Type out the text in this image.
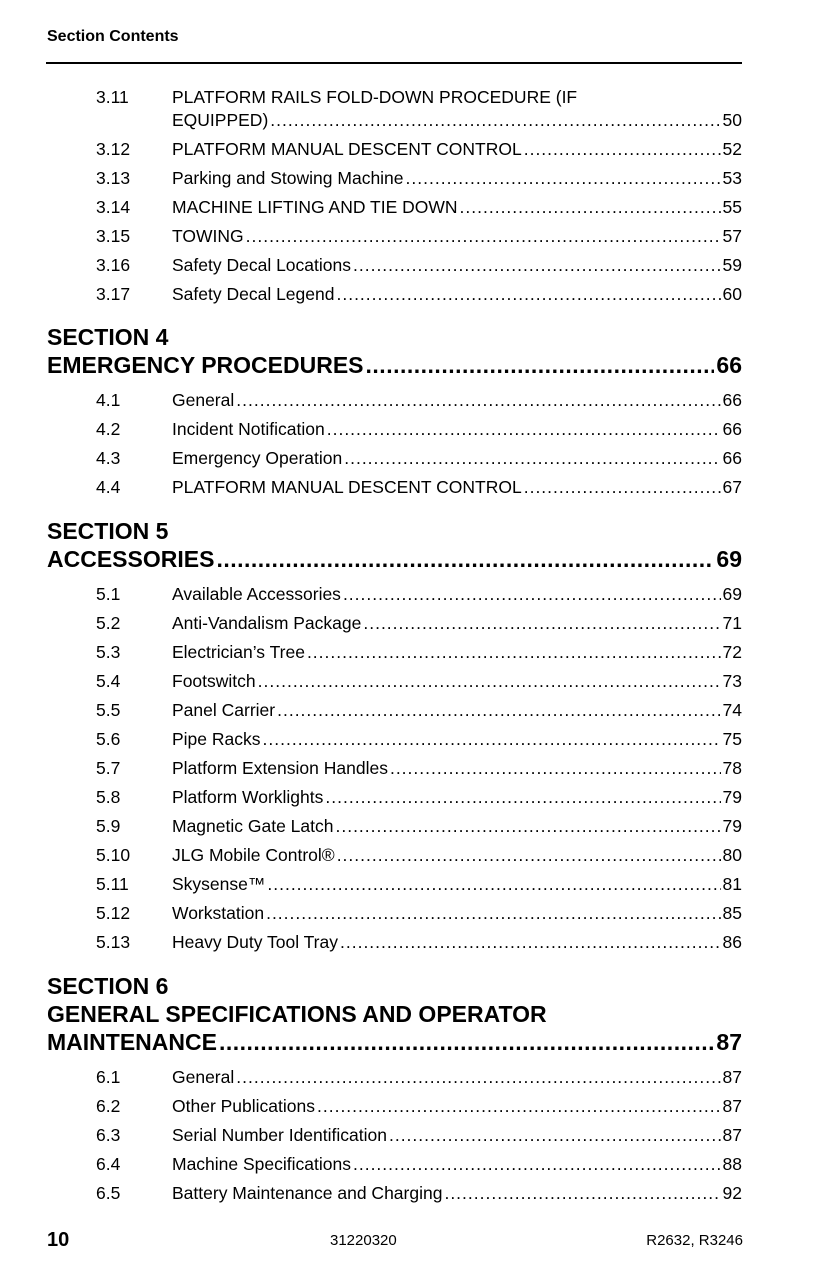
Section Contents
3.11 PLATFORM RAILS FOLD-DOWN PROCEDURE (IF
EQUIPPED) .....	50
3.12 PLATFORM MANUAL DESCENT CONTROL .....	52
3.13 Parking and Stowing Machine .....	53
3.14 MACHINE LIFTING AND TIE DOWN .....	55
3.15 TOWING .....	57
3.16 Safety Decal Locations .....	59
3.17 Safety Decal Legend .....	60
SECTION 4
EMERGENCY PROCEDURES .....	66
4.1	General .....	66
4.2	Incident Notification .....	66
4.3	Emergency Operation .....	66
4.4	PLATFORM MANUAL DESCENT CONTROL .....	67
SECTION 5
ACCESSORIES .....	69
5.1	Available Accessories .....	69
5.2	Anti-Vandalism Package .....	71
5.3	Electrician’s Tree .....	72
5.4	Footswitch .....	73
5.5	Panel Carrier .....	74
5.6	Pipe Racks .....	75
5.7	Platform Extension Handles .....	78
5.8	Platform Worklights .....	79
5.9	Magnetic Gate Latch .....	79
5.10 JLG Mobile Control® .....	80
5.11 Skysense™ .....	81
5.12 Workstation .....	85
5.13 Heavy Duty Tool Tray .....	86
SECTION 6
GENERAL SPECIFICATIONS AND OPERATOR
MAINTENANCE .....	87
6.1	General .....	87
6.2	Other Publications .....	87
6.3	Serial Number Identification .....	87
6.4	Machine Specifications .....	88
6.5	Battery Maintenance and Charging .....	92
10	31220320	R2632, R3246
